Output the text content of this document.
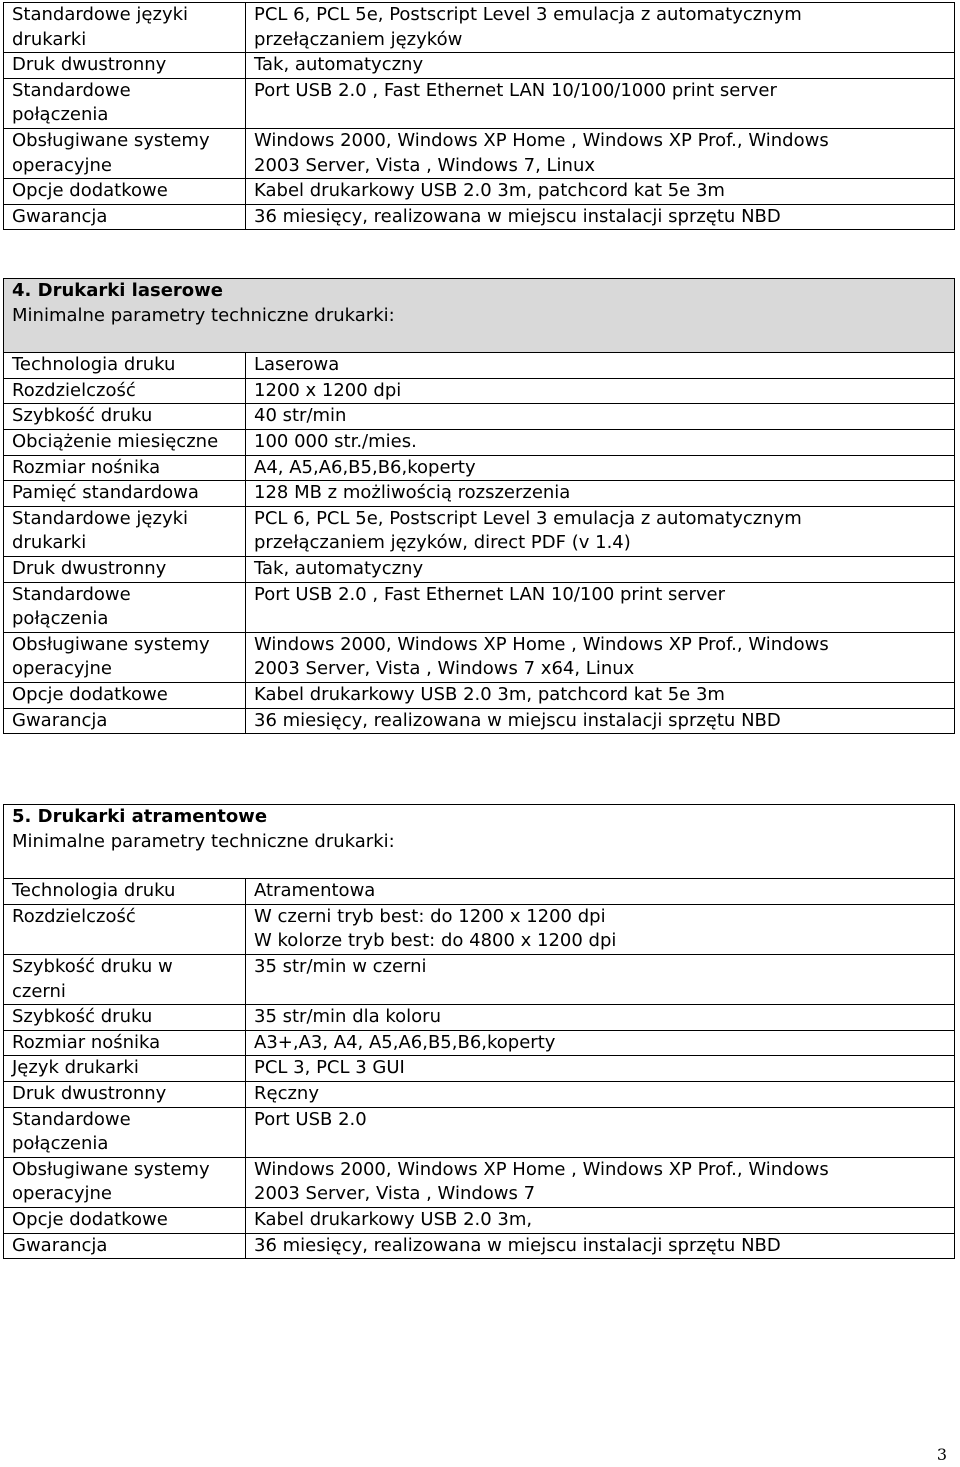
Standardowe języki
drukarki	PCL 6, PCL 5e, Postscript Level 3 emulacja z automatycznym
przełączaniem języków

Druk dwustronny	Tak, automatyczny

Standardowe
połączenia	Port USB 2.0 , Fast Ethernet LAN 10/100/1000 print server

Obsługiwane systemy
operacyjne	Windows 2000, Windows XP Home , Windows XP Prof., Windows
2003 Server, Vista , Windows 7, Linux

Opcje dodatkowe	Kabel drukarkowy USB 2.0 3m, patchcord kat 5e 3m

Gwarancja	36 miesięcy, realizowana w miejscu instalacji sprzętu NBD
4. Drukarki laserowe
Minimalne parametry techniczne drukarki:	

Technologia druku	Laserowa

Rozdzielczość	1200 x 1200 dpi

Szybkość druku	40 str/min

Obciążenie miesięczne	100 000 str./mies.

Rozmiar nośnika	A4, A5,A6,B5,B6,koperty

Pamięć standardowa	128 MB z możliwością rozszerzenia

Standardowe języki
drukarki	PCL 6, PCL 5e, Postscript Level 3 emulacja z automatycznym
przełączaniem języków, direct PDF (v 1.4)

Druk dwustronny	Tak, automatyczny

Standardowe
połączenia	Port USB 2.0 , Fast Ethernet LAN 10/100 print server

Obsługiwane systemy
operacyjne	Windows 2000, Windows XP Home , Windows XP Prof., Windows
2003 Server, Vista , Windows 7 x64, Linux

Opcje dodatkowe	Kabel drukarkowy USB 2.0 3m, patchcord kat 5e 3m

Gwarancja	36 miesięcy, realizowana w miejscu instalacji sprzętu NBD
5. Drukarki atramentowe
Minimalne parametry techniczne drukarki:	

Technologia druku	Atramentowa

Rozdzielczość	W czerni tryb best: do 1200 x 1200 dpi
W kolorze tryb best: do 4800 x 1200 dpi

Szybkość druku w
czerni	35 str/min w czerni

Szybkość druku	35 str/min dla koloru

Rozmiar nośnika	A3+,A3, A4, A5,A6,B5,B6,koperty

Język drukarki	PCL 3, PCL 3 GUI

Druk dwustronny	Ręczny

Standardowe
połączenia	Port USB 2.0

Obsługiwane systemy
operacyjne	Windows 2000, Windows XP Home , Windows XP Prof., Windows
2003 Server, Vista , Windows 7

Opcje dodatkowe	Kabel drukarkowy USB 2.0 3m,

Gwarancja	36 miesięcy, realizowana w miejscu instalacji sprzętu NBD
3
